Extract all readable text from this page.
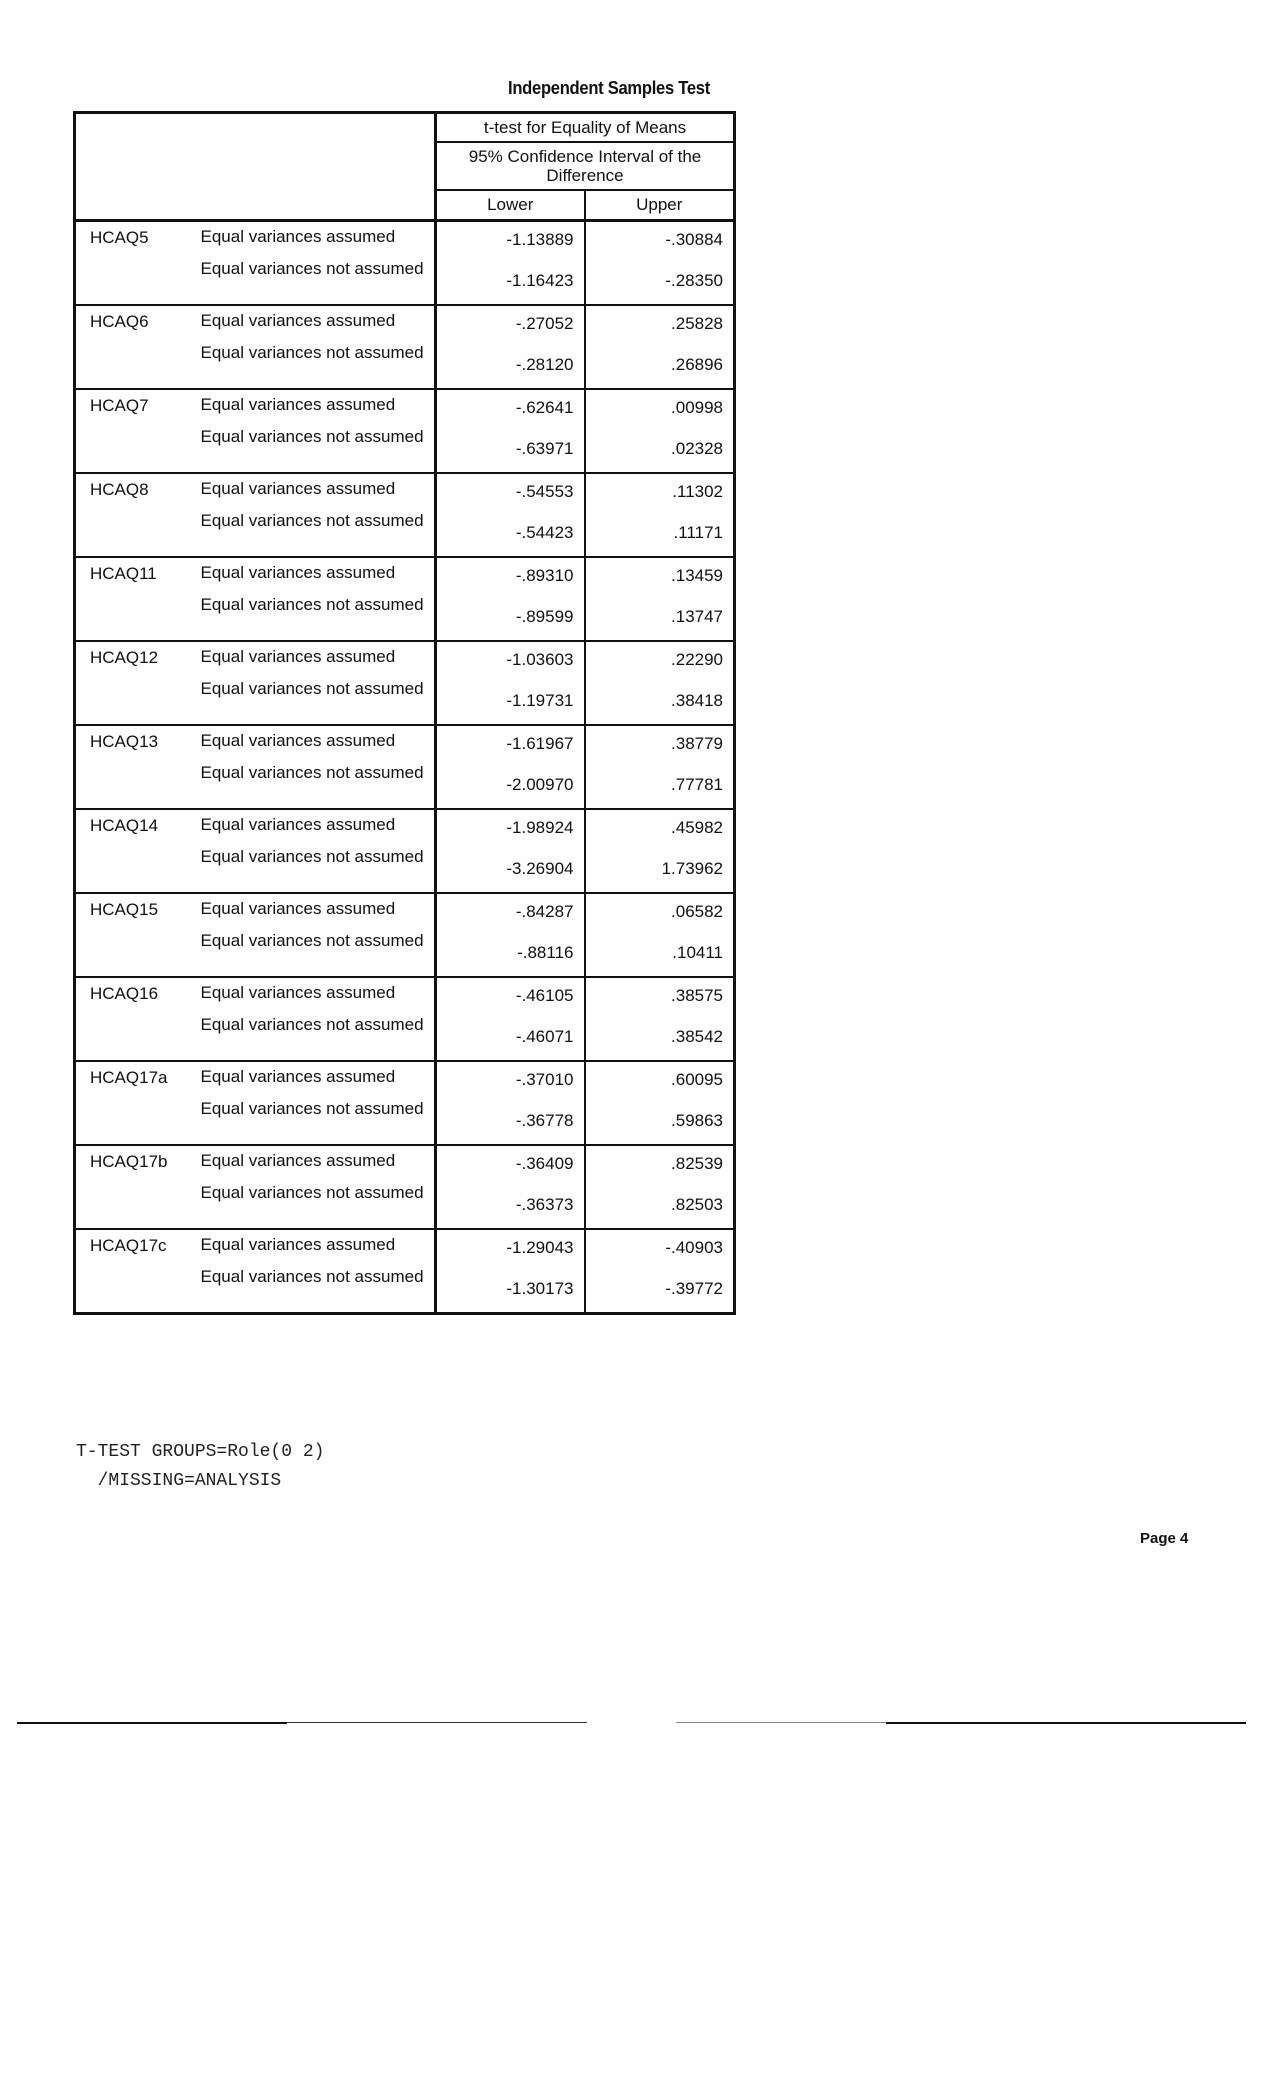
Independent Samples Test
		t-test for Equality of Means	
		95% Confidence Interval of the Difference	
		Lower	Upper
HCAQ5	Equal variances assumed	-1.13889	-.30884
	Equal variances not assumed	-1.16423	-.28350
HCAQ6	Equal variances assumed	-.27052	.25828
	Equal variances not assumed	-.28120	.26896
HCAQ7	Equal variances assumed	-.62641	.00998
	Equal variances not assumed	-.63971	.02328
HCAQ8	Equal variances assumed	-.54553	.11302
	Equal variances not assumed	-.54423	.11171
HCAQ11	Equal variances assumed	-.89310	.13459
	Equal variances not assumed	-.89599	.13747
HCAQ12	Equal variances assumed	-1.03603	.22290
	Equal variances not assumed	-1.19731	.38418
HCAQ13	Equal variances assumed	-1.61967	.38779
	Equal variances not assumed	-2.00970	.77781
HCAQ14	Equal variances assumed	-1.98924	.45982
	Equal variances not assumed	-3.26904	1.73962
HCAQ15	Equal variances assumed	-.84287	.06582
	Equal variances not assumed	-.88116	.10411
HCAQ16	Equal variances assumed	-.46105	.38575
	Equal variances not assumed	-.46071	.38542
HCAQ17a	Equal variances assumed	-.37010	.60095
	Equal variances not assumed	-.36778	.59863
HCAQ17b	Equal variances assumed	-.36409	.82539
	Equal variances not assumed	-.36373	.82503
HCAQ17c	Equal variances assumed	-1.29043	-.40903
	Equal variances not assumed	-1.30173	-.39772
T-TEST GROUPS=Role(0 2)
/MISSING=ANALYSIS
Page 4
